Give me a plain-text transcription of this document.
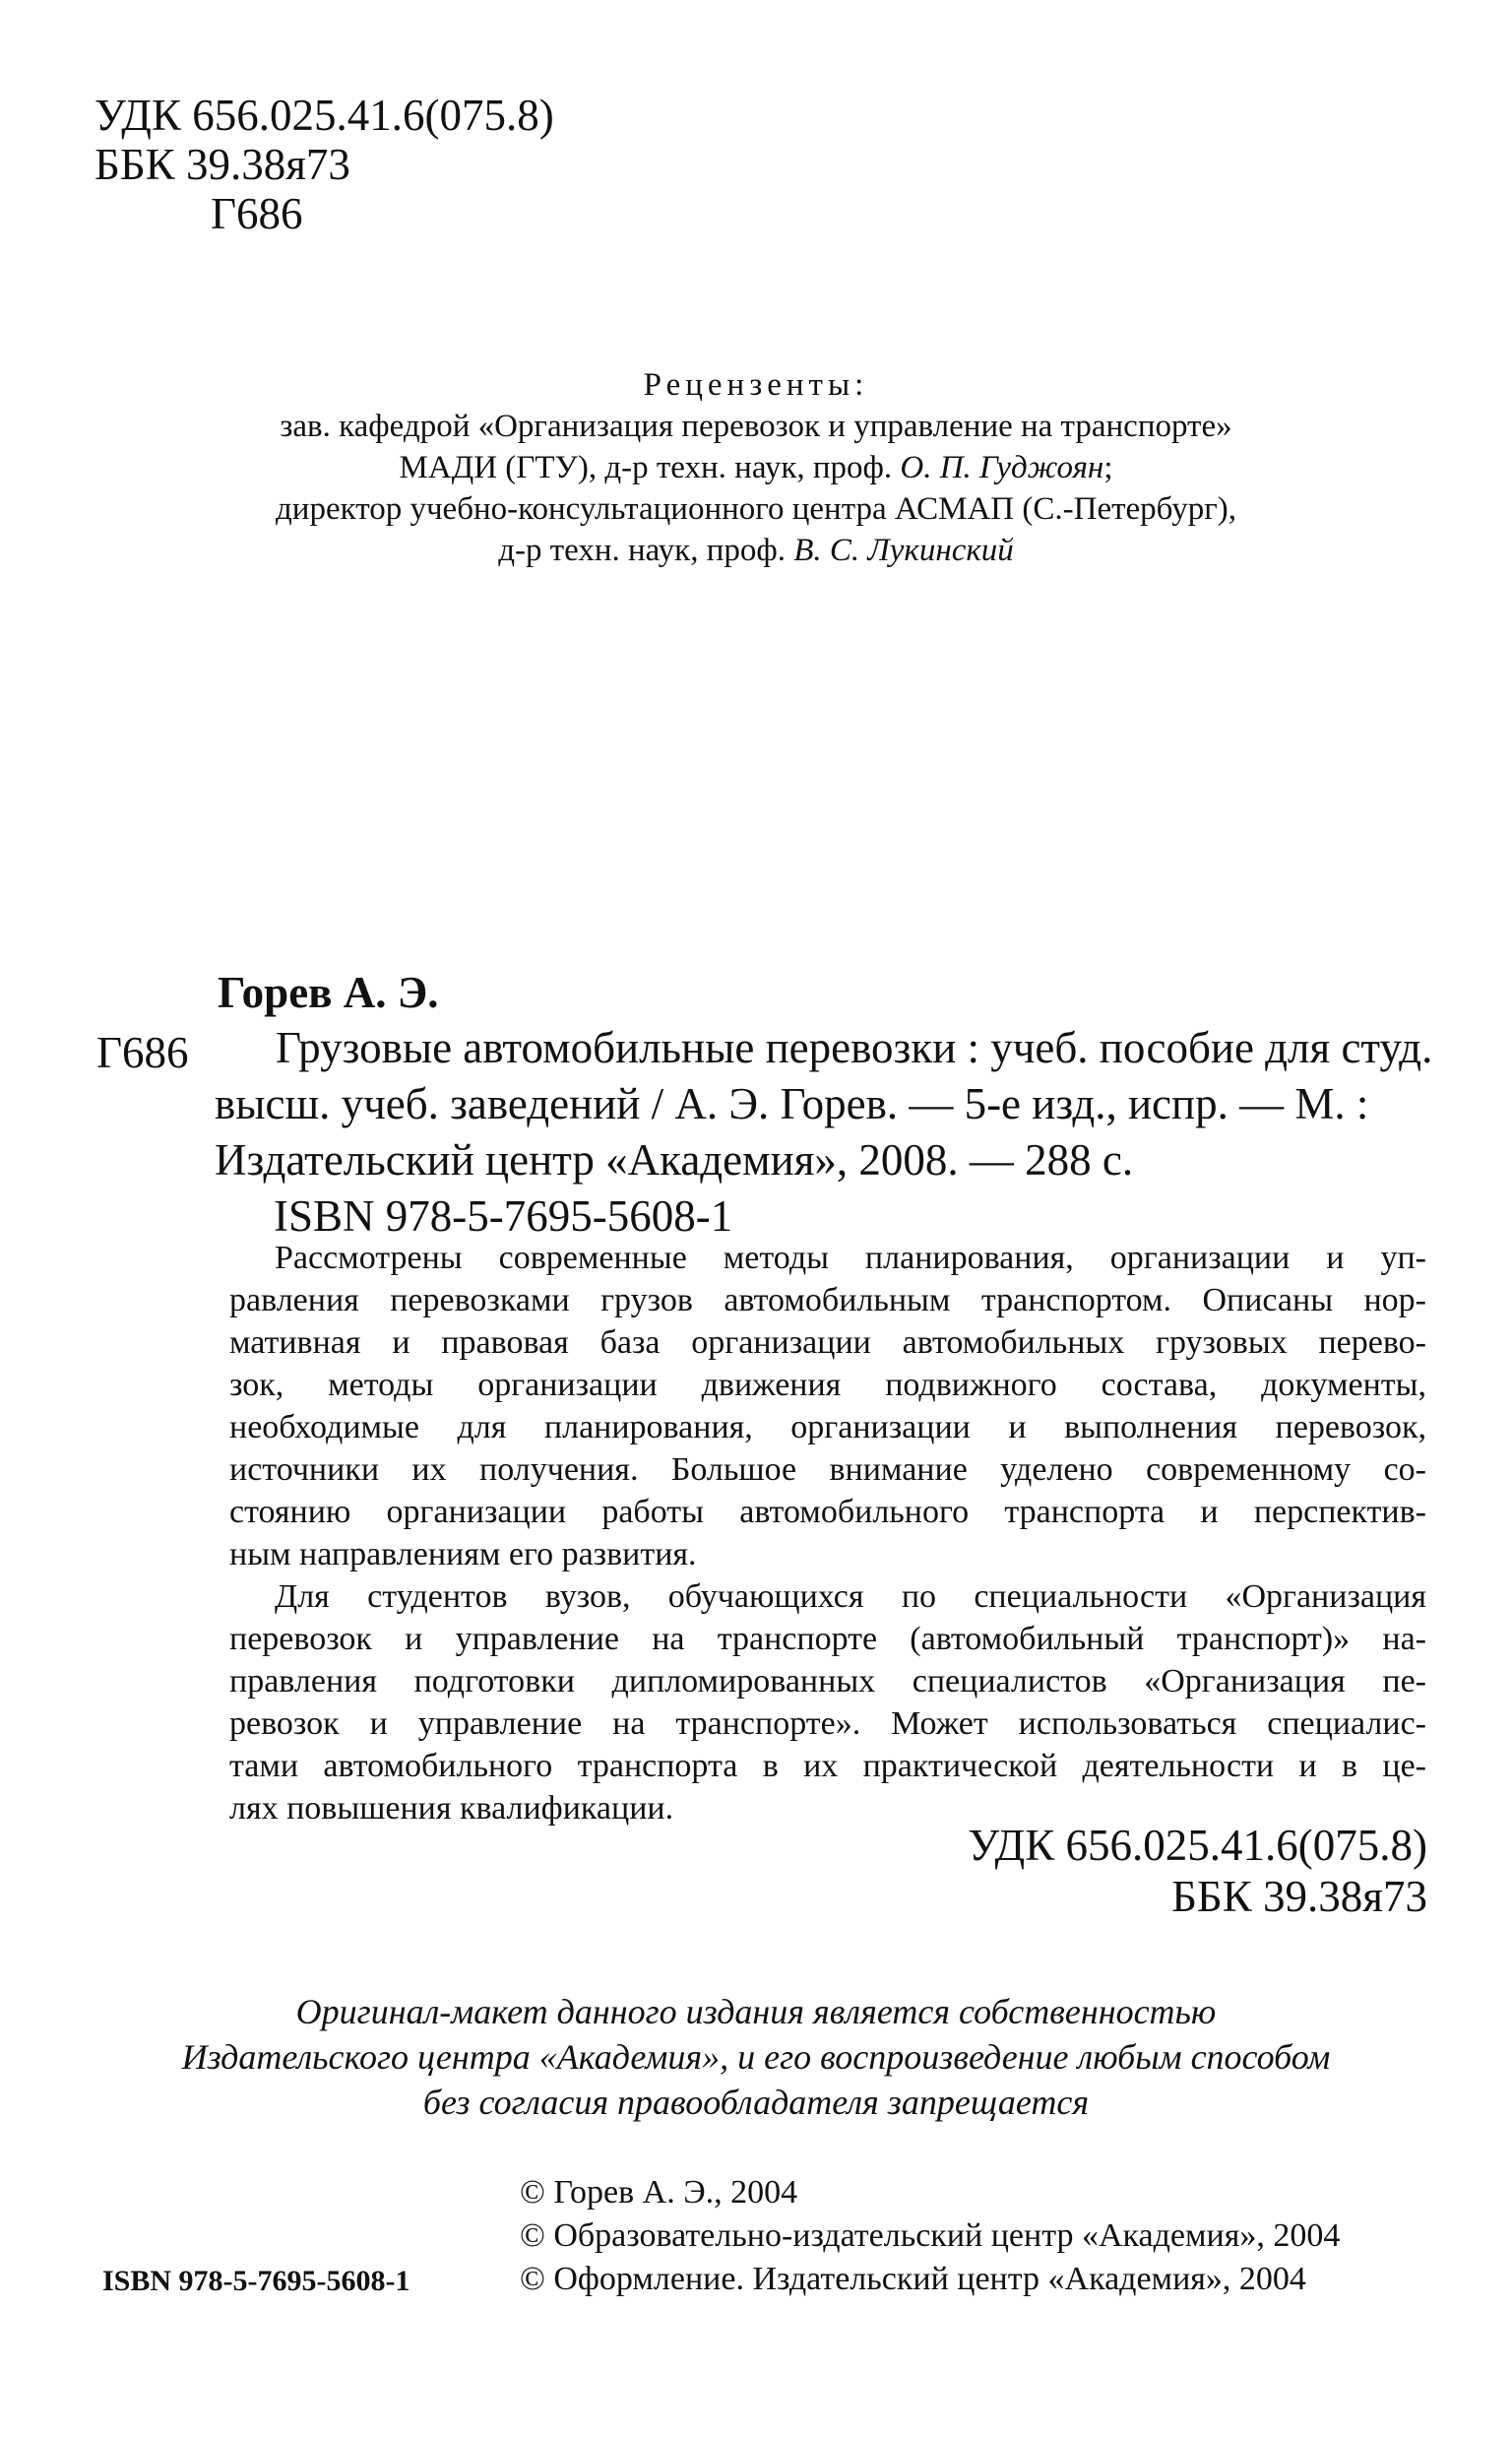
УДК 656.025.41.6(075.8)
ББК 39.38я73
Г686
Рецензенты:
зав. кафедрой «Организация перевозок и управление на транспорте»
МАДИ (ГТУ), д-р техн. наук, проф. О. П. Гуджоян;
директор учебно-консультационного центра АСМАП (С.-Петербург),
д-р техн. наук, проф. В. С. Лукинский
Горев А. Э.
Г686 Грузовые автомобильные перевозки : учеб. пособие для студ.
высш. учеб. заведений / А. Э. Горев. — 5-е изд., испр. — М. :
Издательский центр «Академия», 2008. — 288 с.
ISBN 978-5-7695-5608-1

Рассмотрены современные методы планирования, организации и уп-
равления перевозками грузов автомобильным транспортом. Описаны нор-
мативная и правовая база организации автомобильных грузовых перево-
зок, методы организации движения подвижного состава, документы,
необходимые для планирования, организации и выполнения перевозок,
источники их получения. Большое внимание уделено современному со-
стоянию организации работы автомобильного транспорта и перспектив-
ным направлениям его развития.

Для студентов вузов, обучающихся по специальности «Организация
перевозок и управление на транспорте (автомобильный транспорт)» на-
правления подготовки дипломированных специалистов «Организация пе-
ревозок и управление на транспорте». Может использоваться специалис-
тами автомобильного транспорта в их практической деятельности и в це-
лях повышения квалификации.

УДК 656.025.41.6(075.8)
ББК 39.38я73
Оригинал-макет данного издания является собственностью
Издательского центра «Академия», и его воспроизведение любым способом
без согласия правообладателя запрещается
© Горев А. Э., 2004
© Образовательно-издательский центр «Академия», 2004
© Оформление. Издательский центр «Академия», 2004
ISBN 978-5-7695-5608-1
